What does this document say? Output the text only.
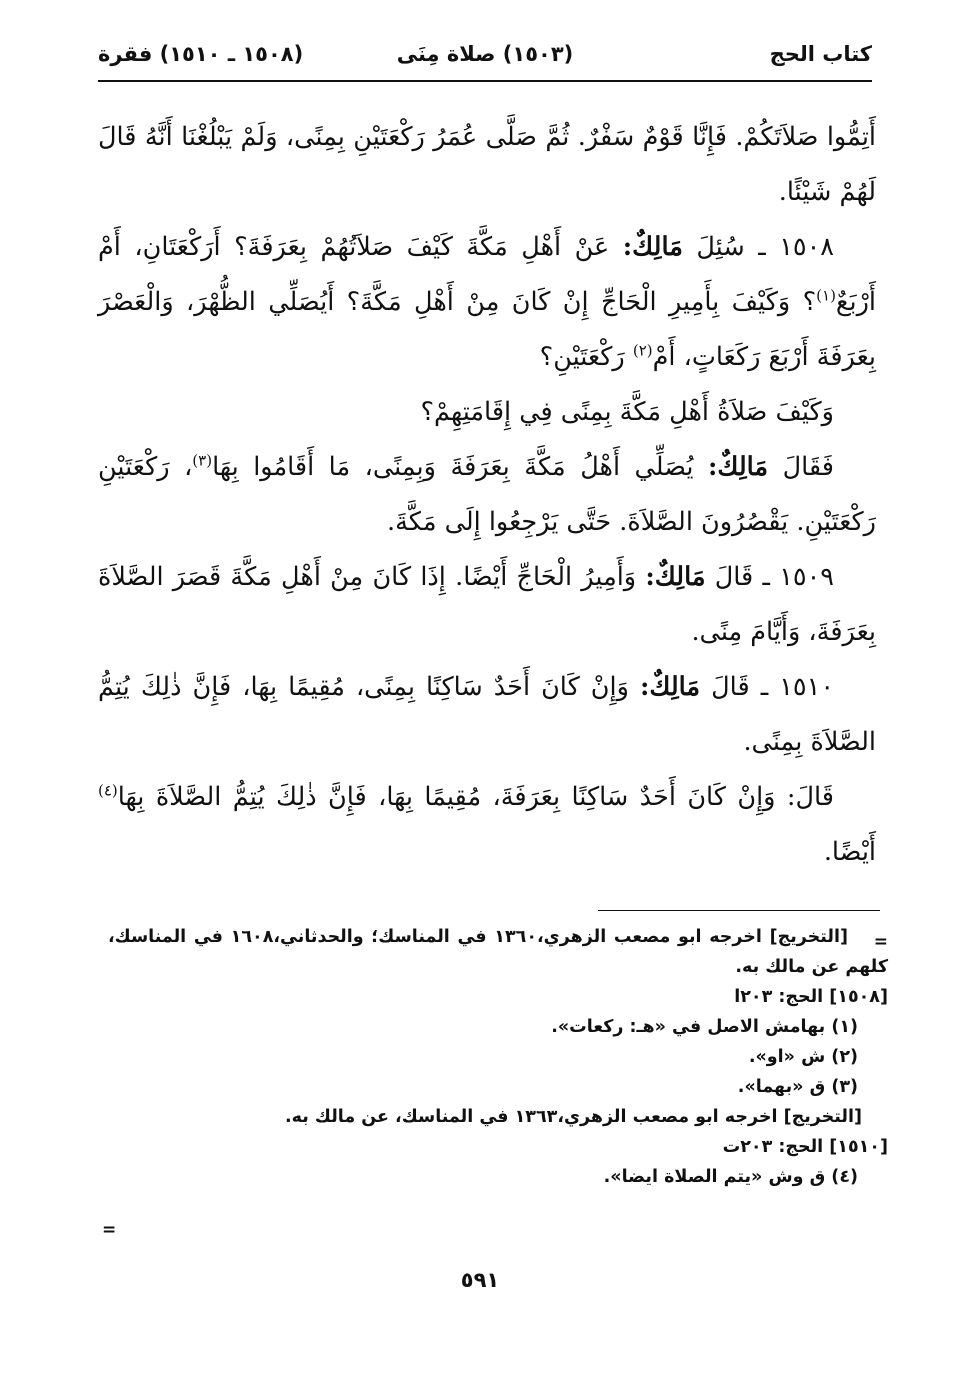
كتاب الحج
(١٥٠٣) صلاة مِنَى
(١٥٠٨ ـ ١٥١٠) فقرة

أَتِمُّوا صَلاَتَكُمْ. فَإِنَّا قَوْمٌ سَفْرٌ. ثُمَّ صَلَّى عُمَرُ رَكْعَتَيْنِ بِمِنًى، وَلَمْ يَبْلُغْنَا أَنَّهُ قَالَ لَهُمْ شَيْئًا.

١٥٠٨ ـ سُئِلَ مَالِكٌ: عَنْ أَهْلِ مَكَّةَ كَيْفَ صَلاَتُهُمْ بِعَرَفَةَ؟ أَرَكْعَتَانِ، أَمْ أَرْبَعٌ$^{(١)}$؟ وَكَيْفَ بِأَمِيرِ الْحَاجِّ إِنْ كَانَ مِنْ أَهْلِ مَكَّةَ؟ أَيُصَلِّي الظُّهْرَ، وَالْعَصْرَ بِعَرَفَةَ أَرْبَعَ رَكَعَاتٍ، أَمْ$^{(٢)}$ رَكْعَتَيْنِ؟

وَكَيْفَ صَلاَةُ أَهْلِ مَكَّةَ بِمِنًى فِي إِقَامَتِهِمْ؟

فَقَالَ مَالِكٌ: يُصَلِّي أَهْلُ مَكَّةَ بِعَرَفَةَ وَبِمِنًى، مَا أَقَامُوا بِهَا$^{(٣)}$، رَكْعَتَيْنِ رَكْعَتَيْنِ. يَقْصُرُونَ الصَّلاَةَ. حَتَّى يَرْجِعُوا إِلَى مَكَّةَ.

١٥٠٩ ـ قَالَ مَالِكٌ: وَأَمِيرُ الْحَاجِّ أَيْضًا. إِذَا كَانَ مِنْ أَهْلِ مَكَّةَ قَصَرَ الصَّلاَةَ بِعَرَفَةَ، وَأَيَّامَ مِنًى.

١٥١٠ ـ قَالَ مَالِكٌ: وَإِنْ كَانَ أَحَدٌ سَاكِنًا بِمِنًى، مُقِيمًا بِهَا، فَإِنَّ ذٰلِكَ يُتِمُّ الصَّلاَةَ بِمِنًى.

قَالَ: وَإِنْ كَانَ أَحَدٌ سَاكِنًا بِعَرَفَةَ، مُقِيمًا بِهَا، فَإِنَّ ذٰلِكَ يُتِمُّ الصَّلاَةَ بِهَا$^{(٤)}$ أَيْضًا.

=
[التخريج] اخرجه ابو مصعب الزهري،١٣٦٠ في المناسك؛ والحدثاني،١٦٠٨ في المناسك، كلهم عن مالك به.
[١٥٠٨] الحج: ٢٠٣ا
(١) بهامش الاصل في «هـ: ركعات».
(٢) ش «او».
(٣) ق «بهما».
[التخريج] اخرجه ابو مصعب الزهري،١٣٦٣ في المناسك، عن مالك به.
[١٥١٠] الحج: ٢٠٣ت
(٤) ق وش «يتم الصلاة ايضا».
=
٥٩١
